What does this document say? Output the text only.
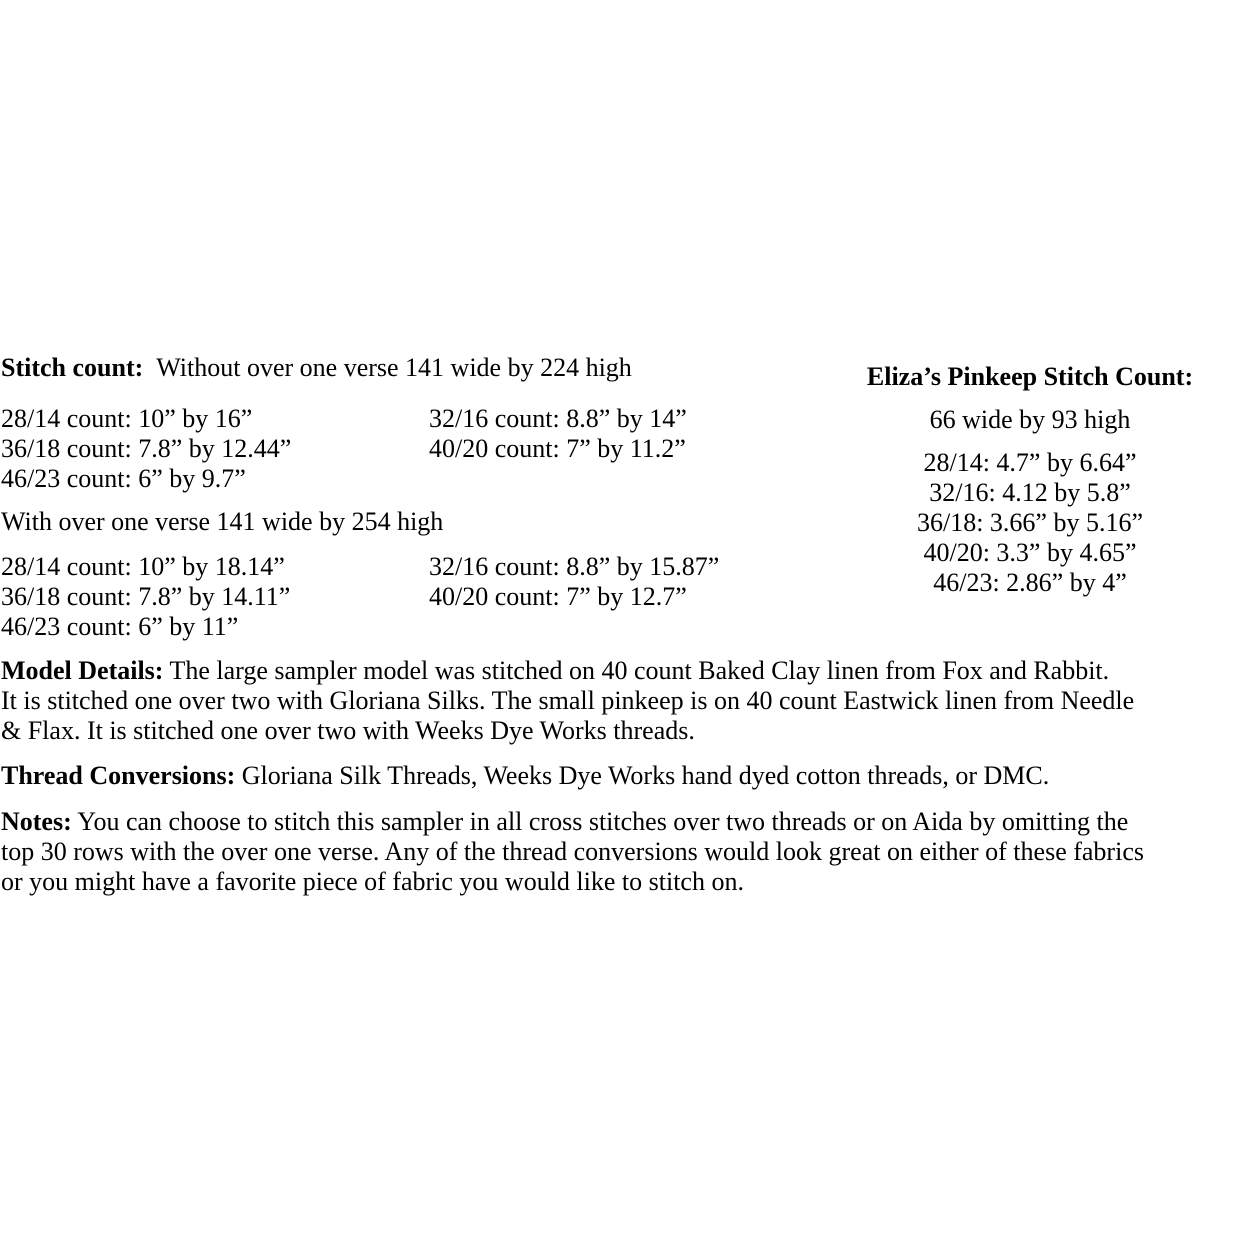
Stitch count: Without over one verse 141 wide by 224 high
28/14 count: 10” by 16”	32/16 count: 8.8” by 14”
36/18 count: 7.8” by 12.44”	40/20 count: 7” by 11.2”
46/23 count: 6” by 9.7”
With over one verse 141 wide by 254 high
28/14 count: 10” by 18.14”	32/16 count: 8.8” by 15.87”
36/18 count: 7.8” by 14.11”	40/20 count: 7” by 12.7”
46/23 count: 6” by 11”
Eliza’s Pinkeep Stitch Count:
66 wide by 93 high
28/14: 4.7” by 6.64”
32/16: 4.12 by 5.8”
36/18: 3.66” by 5.16”
40/20: 3.3” by 4.65”
46/23: 2.86” by 4”
Model Details: The large sampler model was stitched on 40 count Baked Clay linen from Fox and Rabbit.
It is stitched one over two with Gloriana Silks. The small pinkeep is on 40 count Eastwick linen from Needle
& Flax. It is stitched one over two with Weeks Dye Works threads.
Thread Conversions: Gloriana Silk Threads, Weeks Dye Works hand dyed cotton threads, or DMC.
Notes: You can choose to stitch this sampler in all cross stitches over two threads or on Aida by omitting the
top 30 rows with the over one verse. Any of the thread conversions would look great on either of these fabrics
or you might have a favorite piece of fabric you would like to stitch on.
